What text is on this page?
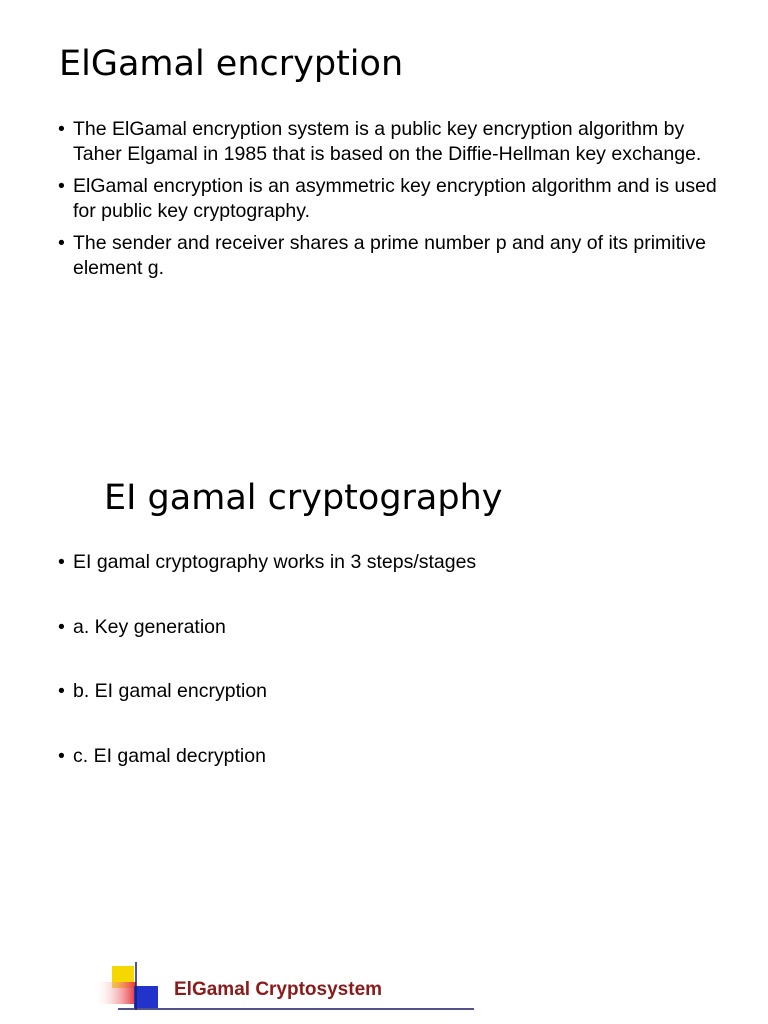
ElGamal encryption
• The ElGamal encryption system is a public key encryption algorithm by Taher Elgamal in 1985 that is based on the Diffie-Hellman key exchange.
• ElGamal encryption is an asymmetric key encryption algorithm and is used for public key cryptography.
• The sender and receiver shares a prime number p and any of its primitive element g.
EI gamal cryptography
• EI gamal cryptography works in 3 steps/stages
• a. Key generation
• b. EI gamal encryption
• c. EI gamal decryption
ElGamal Cryptosystem
